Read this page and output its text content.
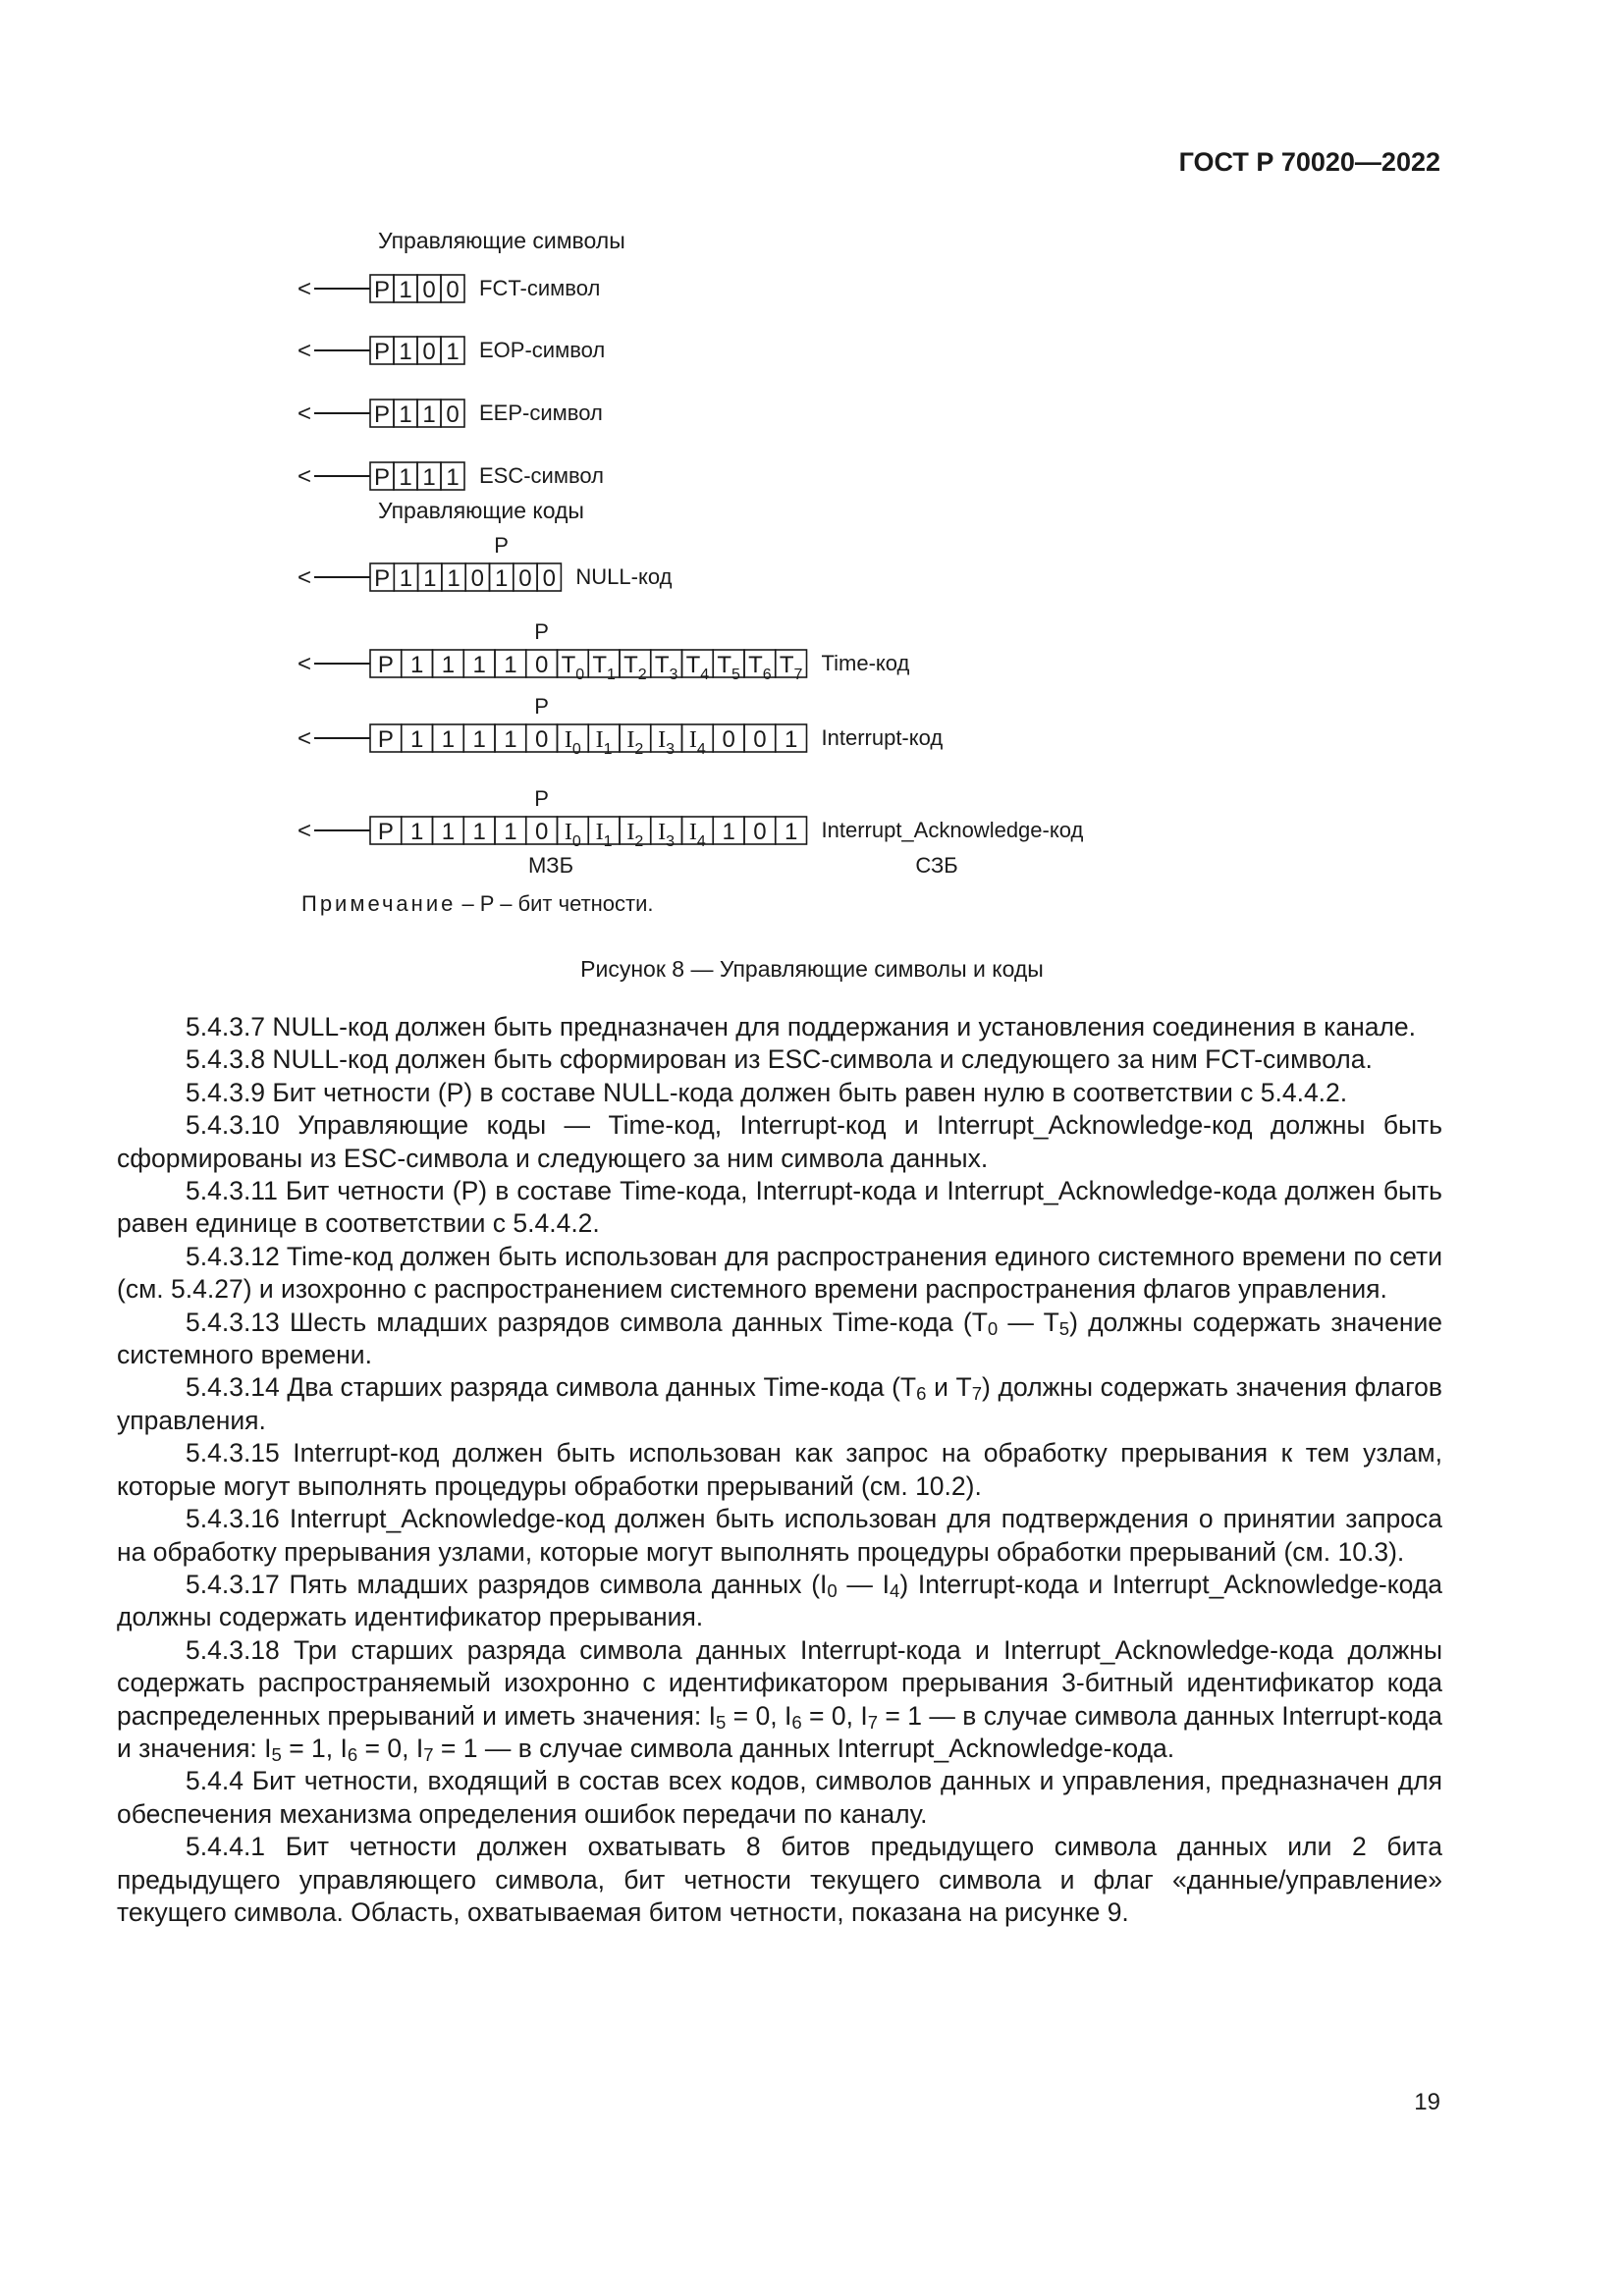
ГОСТ Р 70020—2022
Управляющие символы
Управляющие коды
<	P 1 0 0 FCT-символ
<	P 1 0 1 EOP-символ
<	P 1 1 0 EEP-символ
<	P 1 1 1 ESC-символ
<	P 1 1 1 0 1 0 0 NULL-код
P
<	P 1 1 1 1 0 $T_0$ $T_1$ $T_2$ $T_3$ $T_4$ $T_5$ $T_6$ $T_7$ Time-код
P
<	P 1 1 1 1 0 $I_0$ $I_1$ $I_2$ $I_3$ $I_4$ 0 0 1 Interrupt-код
P
<	P 1 1 1 1 0 $I_0$ $I_1$ $I_2$ $I_3$ $I_4$ 1 0 1 Interrupt_Acknowledge-код
P
МЗБ	СЗБ
Примечание – P – бит четности.
Рисунок 8 — Управляющие символы и коды

5.4.3.7 NULL-код должен быть предназначен для поддержания и установления соединения в канале.

5.4.3.8 NULL-код должен быть сформирован из ESC-символа и следующего за ним FCT-символа.

5.4.3.9 Бит четности (P) в составе NULL-кода должен быть равен нулю в соответствии с 5.4.4.2.

5.4.3.10 Управляющие коды — Time-код, Interrupt-код и Interrupt_Acknowledge-код должны быть сформированы из ESC-символа и следующего за ним символа данных.

5.4.3.11 Бит четности (P) в составе Time-кода, Interrupt-кода и Interrupt_Acknowledge-кода должен быть равен единице в соответствии с 5.4.4.2.

5.4.3.12 Time-код должен быть использован для распространения единого системного времени по сети (см. 5.4.27) и изохронно с распространением системного времени распространения флагов управления.

5.4.3.13 Шесть младших разрядов символа данных Time-кода ($T_0$ — $T_5$) должны содержать значение системного времени.

5.4.3.14 Два старших разряда символа данных Time-кода ($T_6$ и $T_7$) должны содержать значения флагов управления.

5.4.3.15 Interrupt-код должен быть использован как запрос на обработку прерывания к тем узлам, которые могут выполнять процедуры обработки прерываний (см. 10.2).

5.4.3.16 Interrupt_Acknowledge-код должен быть использован для подтверждения о принятии запроса на обработку прерывания узлами, которые могут выполнять процедуры обработки прерываний (см. 10.3).

5.4.3.17 Пять младших разрядов символа данных ($I_0$ — $I_4$) Interrupt-кода и Interrupt_Acknowledge-кода должны содержать идентификатор прерывания.

5.4.3.18 Три старших разряда символа данных Interrupt-кода и Interrupt_Acknowledge-кода должны содержать распространяемый изохронно с идентификатором прерывания 3-битный идентификатор кода распределенных прерываний и иметь значения: $I_5 = 0$, $I_6 = 0$, $I_7 = 1$ — в случае символа данных Interrupt-кода и значения: $I_5 = 1$, $I_6 = 0$, $I_7 = 1$ — в случае символа данных Interrupt_Acknowledge-кода.

5.4.4 Бит четности, входящий в состав всех кодов, символов данных и управления, предназначен для обеспечения механизма определения ошибок передачи по каналу.

5.4.4.1 Бит четности должен охватывать 8 битов предыдущего символа данных или 2 бита предыдущего управляющего символа, бит четности текущего символа и флаг «данные/управление» текущего символа. Область, охватываемая битом четности, показана на рисунке 9.

19
